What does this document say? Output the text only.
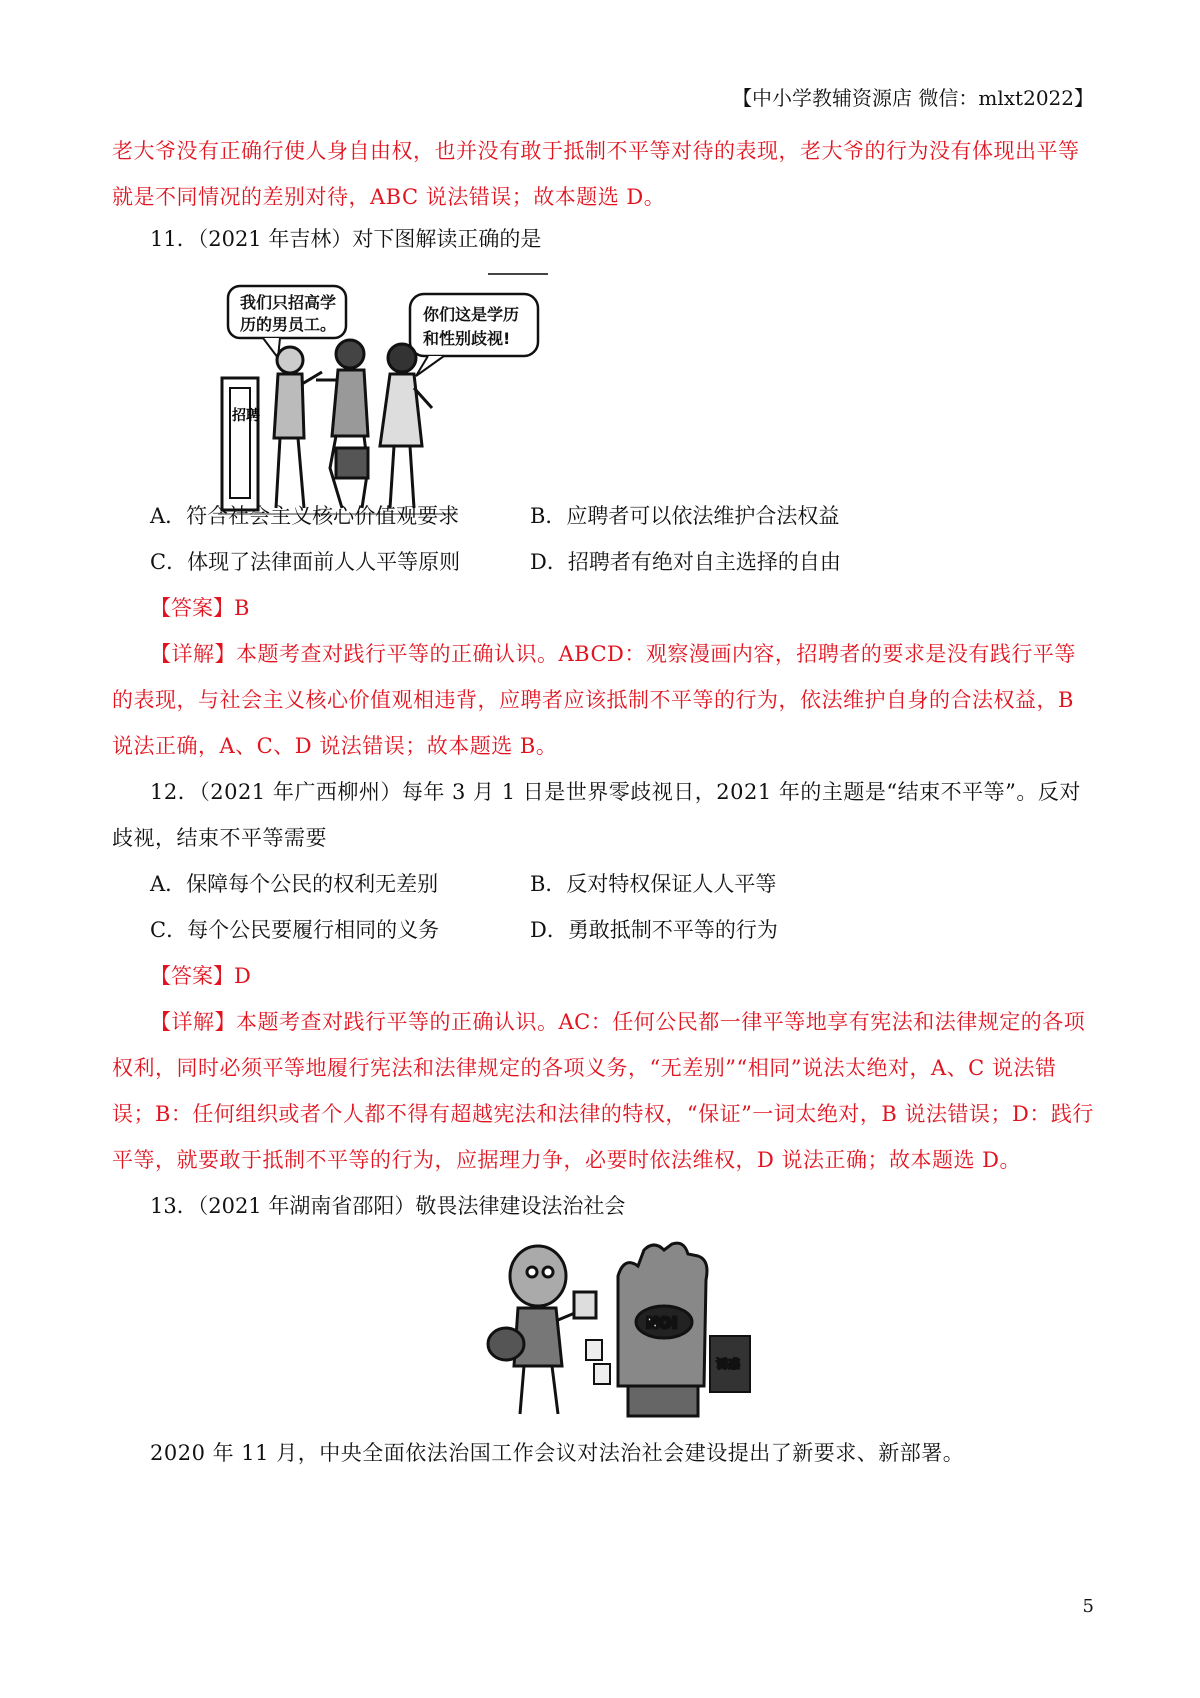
【中小学教辅资源店 微信：mlxt2022】
老大爷没有正确行使人身自由权，也并没有敢于抵制不平等对待的表现，老大爷的行为没有体现出平等就是不同情况的差别对待，ABC 说法错误；故本题选 D。
11．（2021 年吉林）对下图解读正确的是
我们只招高学
历的男员工。
你们这是学历
和性别歧视!
招聘
A．符合社会主义核心价值观要求	B．应聘者可以依法维护合法权益
C．体现了法律面前人人平等原则	D．招聘者有绝对自主选择的自由
【答案】B
【详解】本题考查对践行平等的正确认识。ABCD：观察漫画内容，招聘者的要求是没有践行平等的表现，与社会主义核心价值观相违背，应聘者应该抵制不平等的行为，依法维护自身的合法权益，B 说法正确，A、C、D 说法错误；故本题选 B。
12．（2021 年广西柳州）每年 3 月 1 日是世界零歧视日，2021 年的主题是“结束不平等”。反对歧视，结束不平等需要
A．保障每个公民的权利无差别	B．反对特权保证人人平等
C．每个公民要履行相同的义务	D．勇敢抵制不平等的行为
【答案】D
【详解】本题考查对践行平等的正确认识。AC：任何公民都一律平等地享有宪法和法律规定的各项权利，同时必须平等地履行宪法和法律规定的各项义务，“无差别”“相同”说法太绝对，A、C 说法错误；B：任何组织或者个人都不得有超越宪法和法律的特权，“保证”一词太绝对，B 说法错误；D：践行平等，就要敢于抵制不平等的行为，应据理力争，必要时依法维权，D 说法正确；故本题选 D。
13．（2021 年湖南省邵阳）敬畏法律建设法治社会
NO!
诱惑
2020 年 11 月，中央全面依法治国工作会议对法治社会建设提出了新要求、新部署。
5
